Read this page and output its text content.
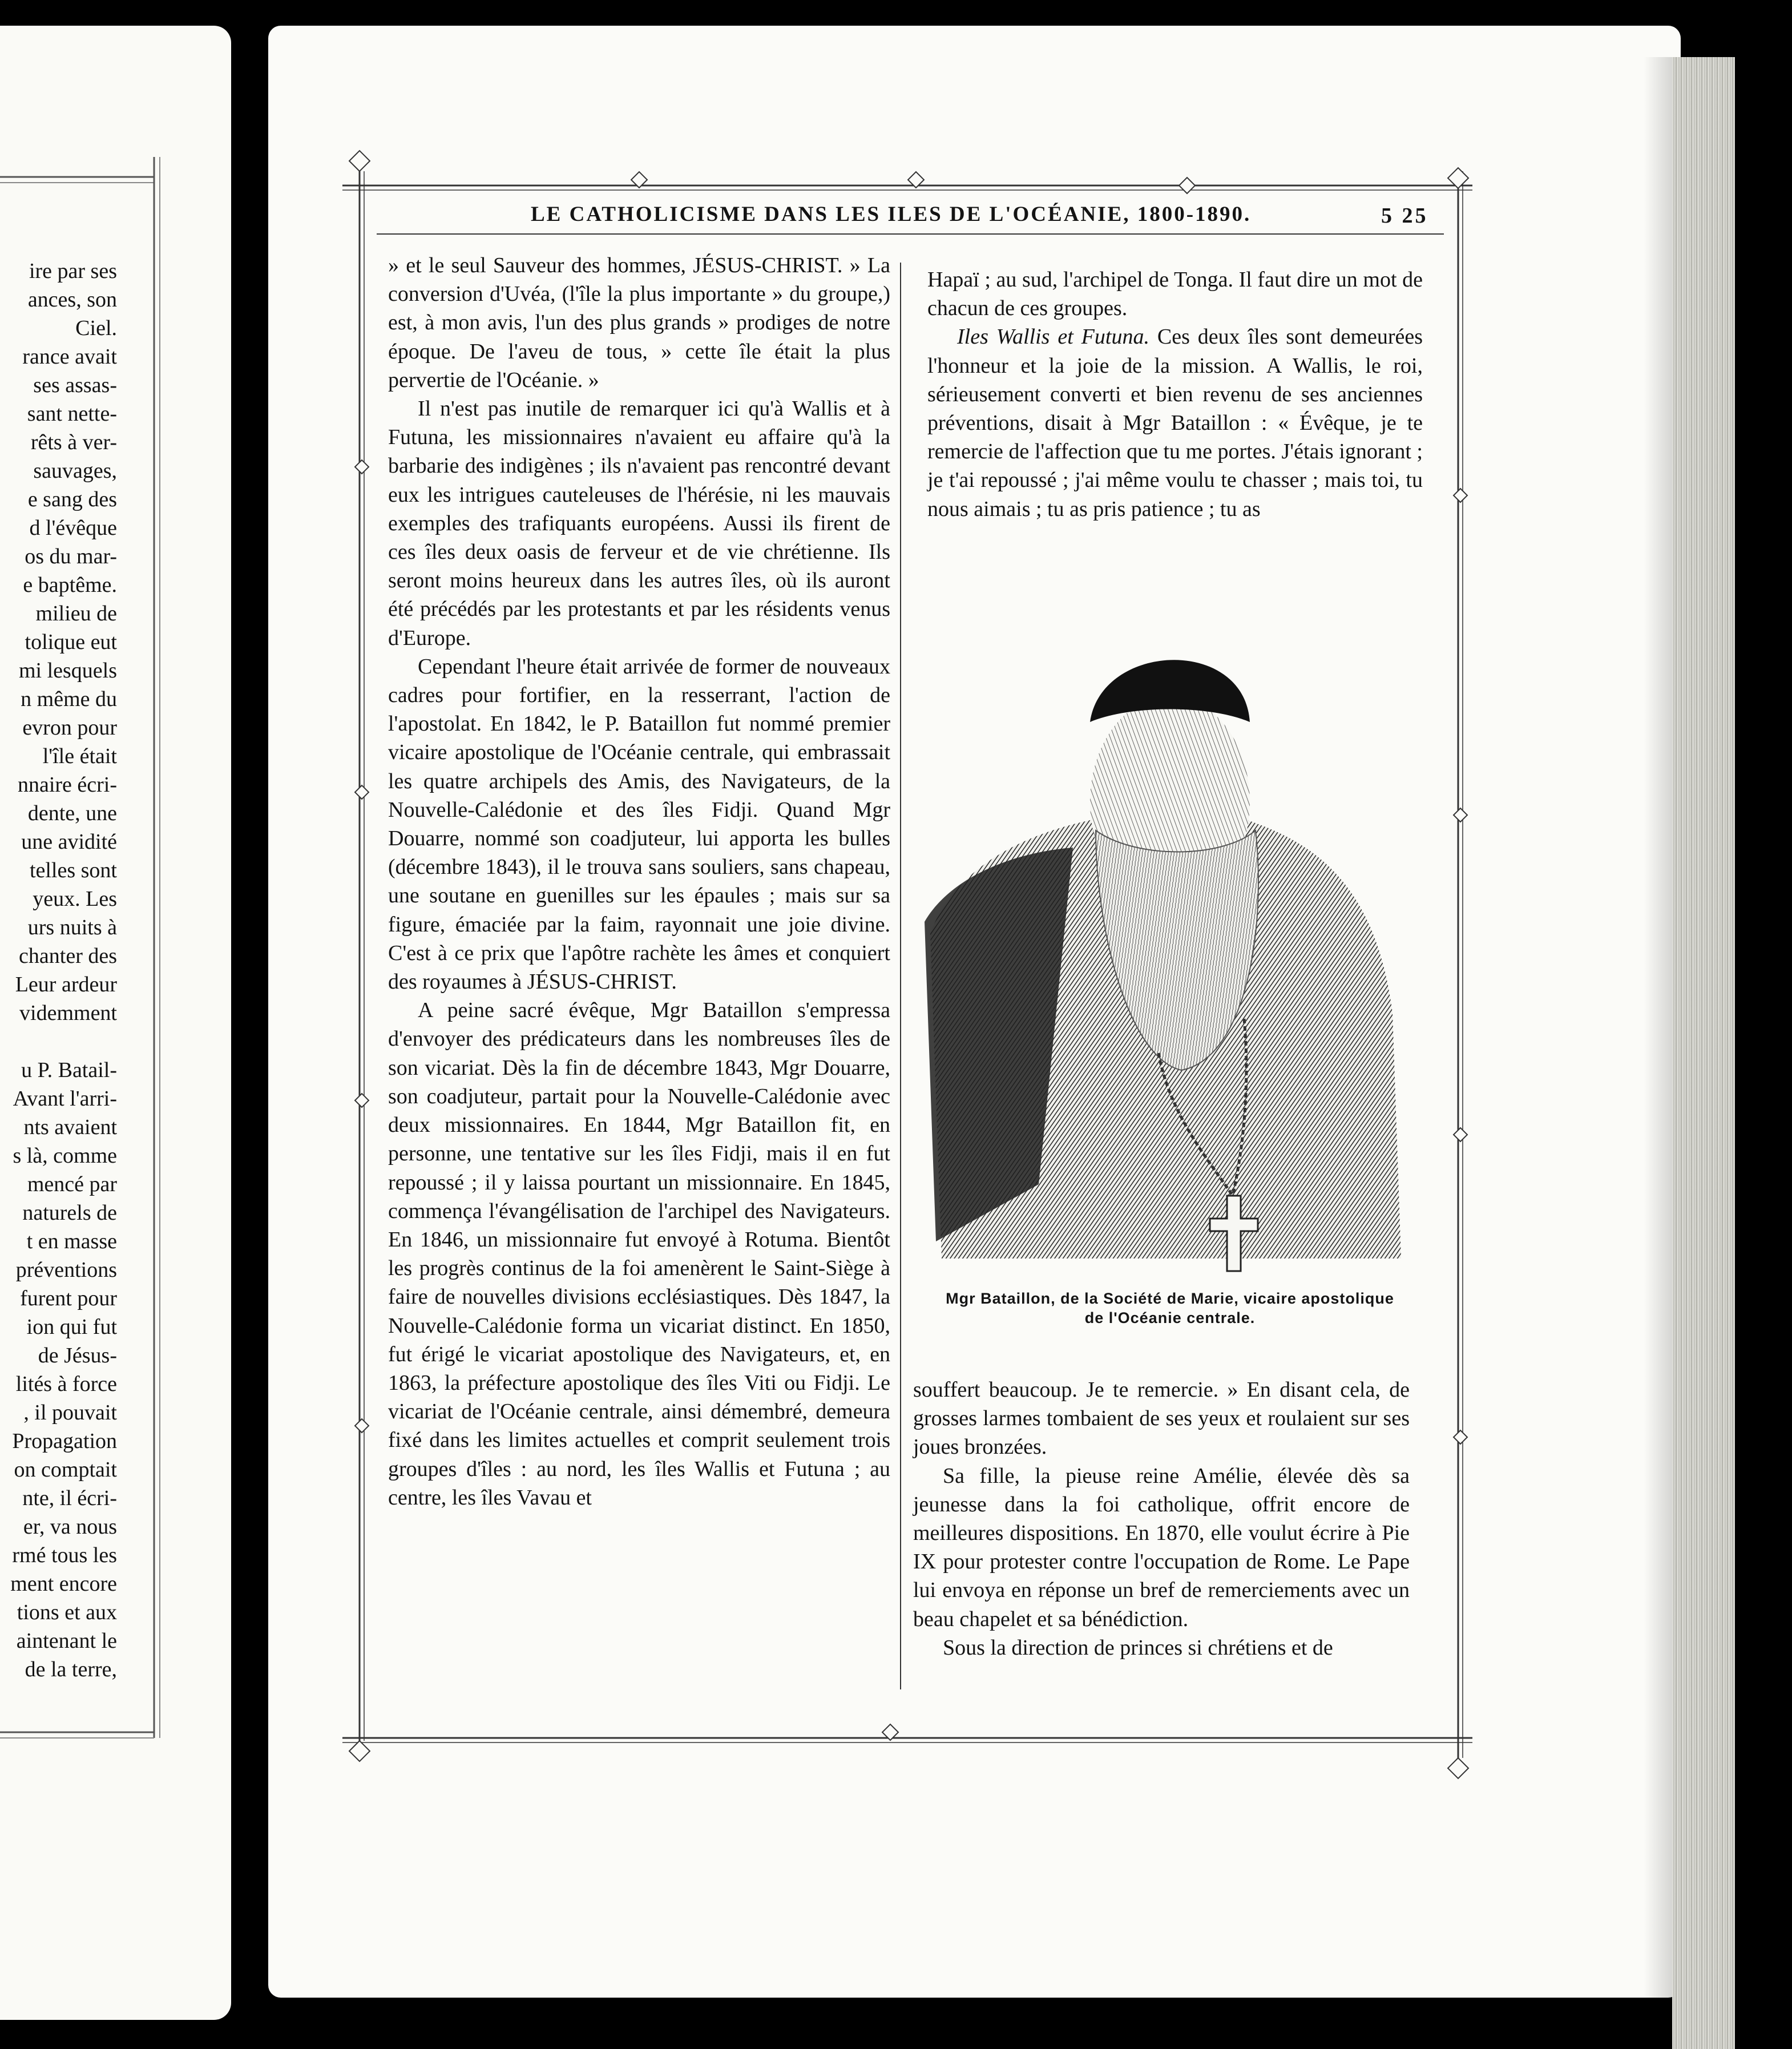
ire par ses
ances, son
Ciel.
rance avait
ses assas-
sant nette-
rêts à ver-
sauvages,
e sang des
d l'évêque
os du mar-
e baptême.
milieu de
tolique eut
mi lesquels
n même du
evron pour
l'île était
nnaire écri-
dente, une
une avidité
telles sont
yeux. Les
urs nuits à
chanter des
Leur ardeur
videmment

u P. Batail-
Avant l'arri-
nts avaient
s là, comme
mencé par
naturels de
t en masse
préventions
furent pour
ion qui fut
de Jésus-
lités à force
, il pouvait
Propagation
on comptait
nte, il écri-
er, va nous
rmé tous les
ment encore
tions et aux
aintenant le
de la terre,
LE CATHOLICISME DANS LES ILES DE L'OCÉANIE, 1800-1890.	5 25

» et le seul Sauveur des hommes, JÉSUS-CHRIST. » La conversion d'Uvéa, (l'île la plus importante » du groupe,) est, à mon avis, l'un des plus grands » prodiges de notre époque. De l'aveu de tous, » cette île était la plus pervertie de l'Océanie. »

Il n'est pas inutile de remarquer ici qu'à Wallis et à Futuna, les missionnaires n'avaient eu affaire qu'à la barbarie des indigènes ; ils n'avaient pas rencontré devant eux les intrigues cauteleuses de l'hérésie, ni les mauvais exemples des trafiquants européens. Aussi ils firent de ces îles deux oasis de ferveur et de vie chrétienne. Ils seront moins heureux dans les autres îles, où ils auront été précédés par les protestants et par les résidents venus d'Europe.

Cependant l'heure était arrivée de former de nouveaux cadres pour fortifier, en la resserrant, l'action de l'apostolat. En 1842, le P. Bataillon fut nommé premier vicaire apostolique de l'Océanie centrale, qui embrassait les quatre archipels des Amis, des Navigateurs, de la Nouvelle-Calédonie et des îles Fidji. Quand Mgr Douarre, nommé son coadjuteur, lui apporta les bulles (décembre 1843), il le trouva sans souliers, sans chapeau, une soutane en guenilles sur les épaules ; mais sur sa figure, émaciée par la faim, rayonnait une joie divine. C'est à ce prix que l'apôtre rachète les âmes et conquiert des royaumes à JÉSUS-CHRIST.

A peine sacré évêque, Mgr Bataillon s'empressa d'envoyer des prédicateurs dans les nombreuses îles de son vicariat. Dès la fin de décembre 1843, Mgr Douarre, son coadjuteur, partait pour la Nouvelle-Calédonie avec deux missionnaires. En 1844, Mgr Bataillon fit, en personne, une tentative sur les îles Fidji, mais il en fut repoussé ; il y laissa pourtant un missionnaire. En 1845, commença l'évangélisation de l'archipel des Navigateurs. En 1846, un missionnaire fut envoyé à Rotuma. Bientôt les progrès continus de la foi amenèrent le Saint-Siège à faire de nouvelles divisions ecclésiastiques. Dès 1847, la Nouvelle-Calédonie forma un vicariat distinct. En 1850, fut érigé le vicariat apostolique des Navigateurs, et, en 1863, la préfecture apostolique des îles Viti ou Fidji. Le vicariat de l'Océanie centrale, ainsi démembré, demeura fixé dans les limites actuelles et comprit seulement trois groupes d'îles : au nord, les îles Wallis et Futuna ; au centre, les îles Vavau et

Hapaï ; au sud, l'archipel de Tonga. Il faut dire un mot de chacun de ces groupes.

Iles Wallis et Futuna. Ces deux îles sont demeurées l'honneur et la joie de la mission. A Wallis, le roi, sérieusement converti et bien revenu de ses anciennes préventions, disait à Mgr Bataillon : « Évêque, je te remercie de l'affection que tu me portes. J'étais ignorant ; je t'ai repoussé ; j'ai même voulu te chasser ; mais toi, tu nous aimais ; tu as pris patience ; tu as

Mgr Bataillon, de la Société de Marie, vicaire apostolique de l'Océanie centrale.

souffert beaucoup. Je te remercie. » En disant cela, de grosses larmes tombaient de ses yeux et roulaient sur ses joues bronzées.

Sa fille, la pieuse reine Amélie, élevée dès sa jeunesse dans la foi catholique, offrit encore de meilleures dispositions. En 1870, elle voulut écrire à Pie IX pour protester contre l'occupation de Rome. Le Pape lui envoya en réponse un bref de remerciements avec un beau chapelet et sa bénédiction.

Sous la direction de princes si chrétiens et de
